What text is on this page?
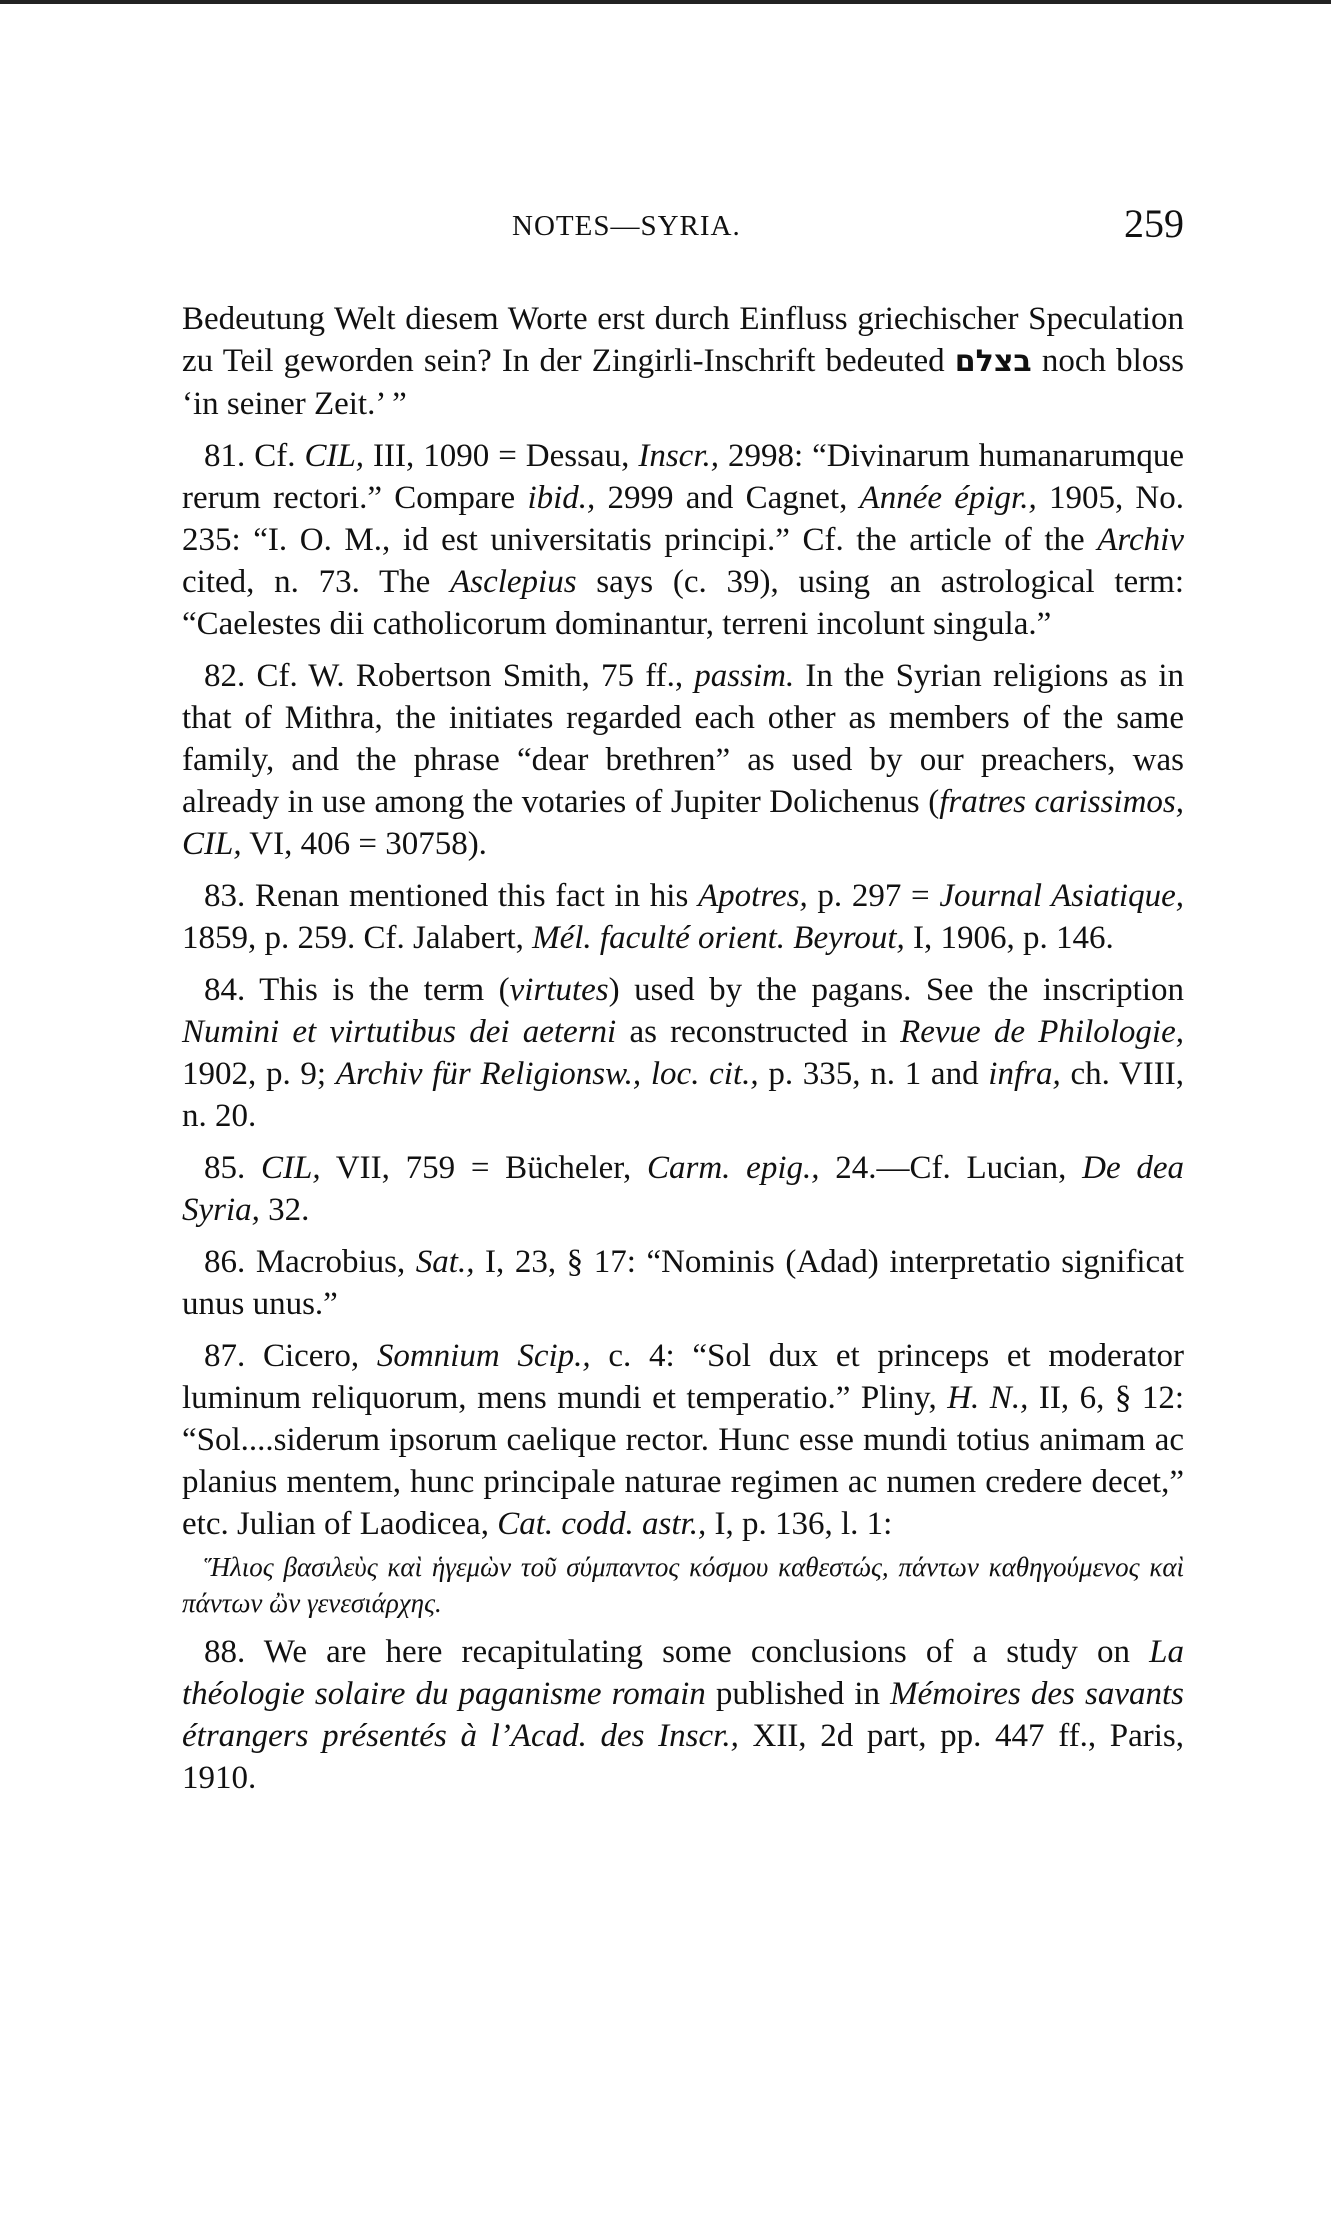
NOTES—SYRIA.	259

Bedeutung Welt diesem Worte erst durch Einfluss griechischer Speculation zu Teil geworden sein? In der Zingirli-Inschrift bedeuted בצלם noch bloss ‘in seiner Zeit.’ ”

81. Cf. CIL, III, 1090 = Dessau, Inscr., 2998: “Divinarum humanarumque rerum rectori.” Compare ibid., 2999 and Cagnet, Année épigr., 1905, No. 235: “I. O. M., id est universitatis principi.” Cf. the article of the Archiv cited, n. 73. The Asclepius says (c. 39), using an astrological term: “Caelestes dii catholicorum dominantur, terreni incolunt singula.”

82. Cf. W. Robertson Smith, 75 ff., passim. In the Syrian religions as in that of Mithra, the initiates regarded each other as members of the same family, and the phrase “dear brethren” as used by our preachers, was already in use among the votaries of Jupiter Dolichenus (fratres carissimos, CIL, VI, 406 = 30758).

83. Renan mentioned this fact in his Apotres, p. 297 = Journal Asiatique, 1859, p. 259. Cf. Jalabert, Mél. faculté orient. Beyrout, I, 1906, p. 146.

84. This is the term (virtutes) used by the pagans. See the inscription Numini et virtutibus dei aeterni as reconstructed in Revue de Philologie, 1902, p. 9; Archiv für Religionsw., loc. cit., p. 335, n. 1 and infra, ch. VIII, n. 20.

85. CIL, VII, 759 = Bücheler, Carm. epig., 24.—Cf. Lucian, De dea Syria, 32.

86. Macrobius, Sat., I, 23, § 17: “Nominis (Adad) interpretatio significat unus unus.”

87. Cicero, Somnium Scip., c. 4: “Sol dux et princeps et moderator luminum reliquorum, mens mundi et temperatio.” Pliny, H. N., II, 6, § 12: “Sol....siderum ipsorum caelique rector. Hunc esse mundi totius animam ac planius mentem, hunc principale naturae regimen ac numen credere decet,” etc. Julian of Laodicea, Cat. codd. astr., I, p. 136, l. 1:
Ἥλιος βασιλεὺς καὶ ἡγεμὼν τοῦ σύμπαντος κόσμου καθεστώς, πάντων καθηγούμενος καὶ πάντων ὢν γενεσιάρχης.

88. We are here recapitulating some conclusions of a study on La théologie solaire du paganisme romain published in Mémoires des savants étrangers présentés à l’Acad. des Inscr., XII, 2d part, pp. 447 ff., Paris, 1910.
